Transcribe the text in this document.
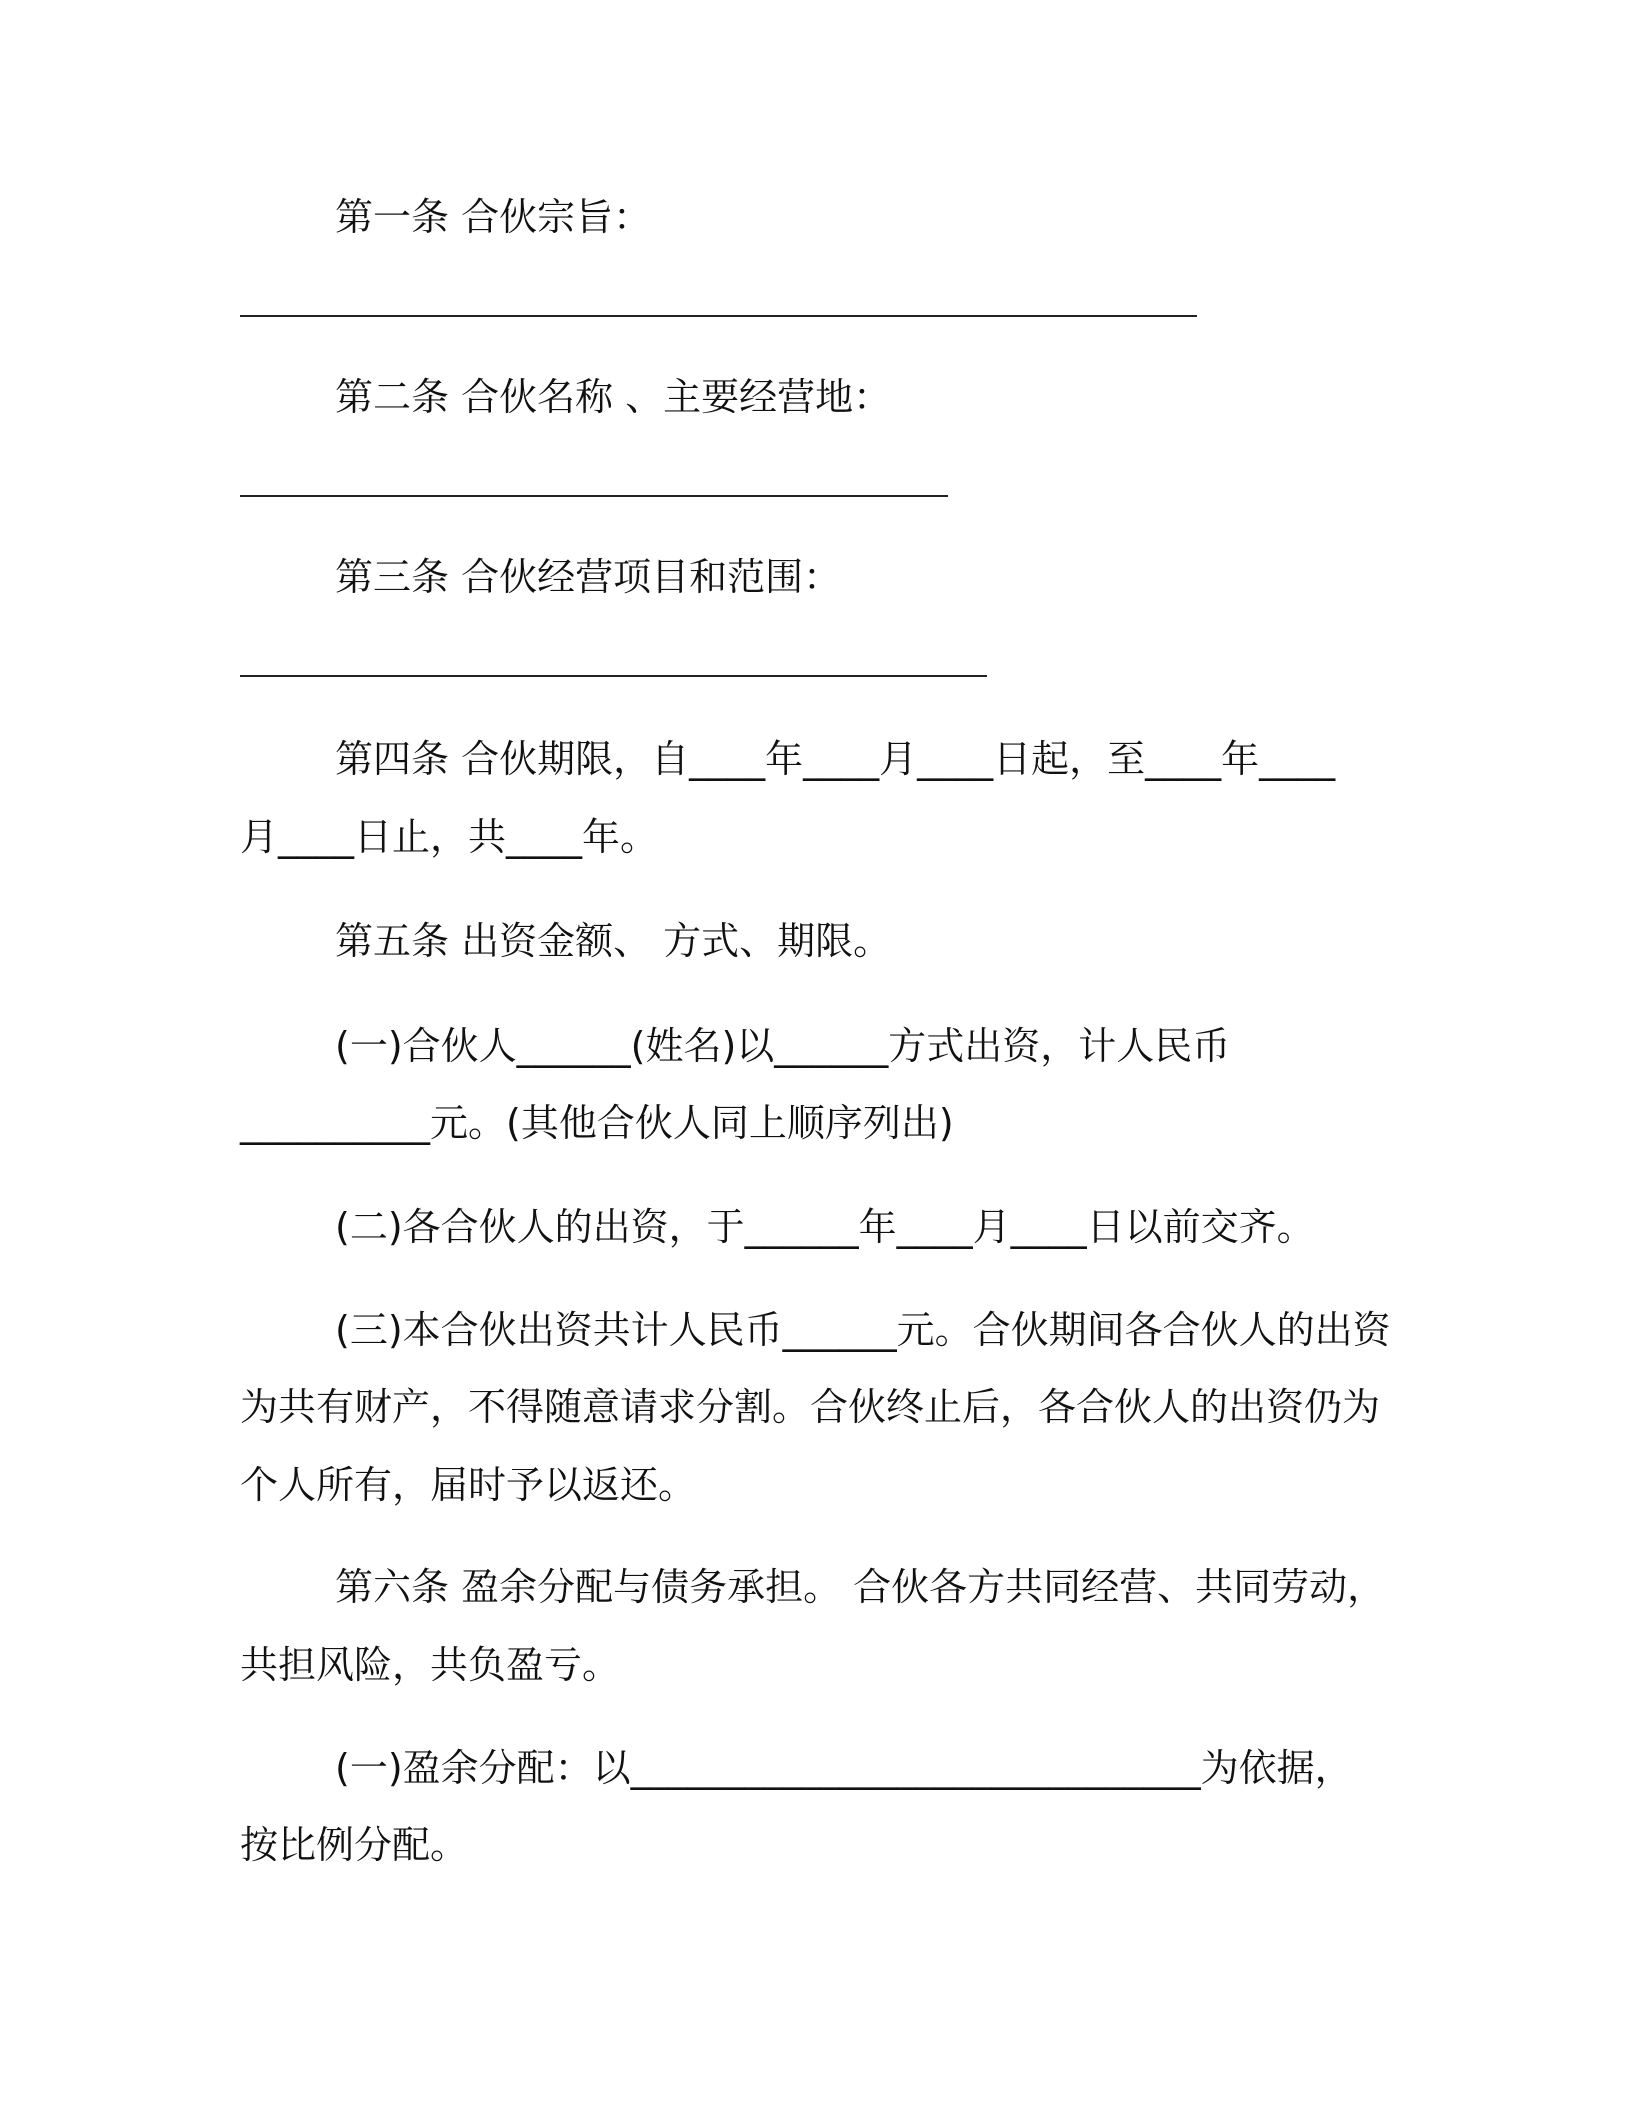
第一条 合伙宗旨：
第二条 合伙名称 、主要经营地：
第三条 合伙经营项目和范围：
第四条 合伙期限，自____年____月____日起，至____年____
月____日止，共____年。
第五条 出资金额、 方式、期限。
(一)合伙人______(姓名)以______方式出资，计人民币
__________元。(其他合伙人同上顺序列出)
(二)各合伙人的出资，于______年____月____日以前交齐。
(三)本合伙出资共计人民币______元。合伙期间各合伙人的出资
为共有财产，不得随意请求分割。合伙终止后，各合伙人的出资仍为
个人所有，届时予以返还。
第六条 盈余分配与债务承担。 合伙各方共同经营、共同劳动，
共担风险，共负盈亏。
(一)盈余分配：以______________________________为依据，
按比例分配。
